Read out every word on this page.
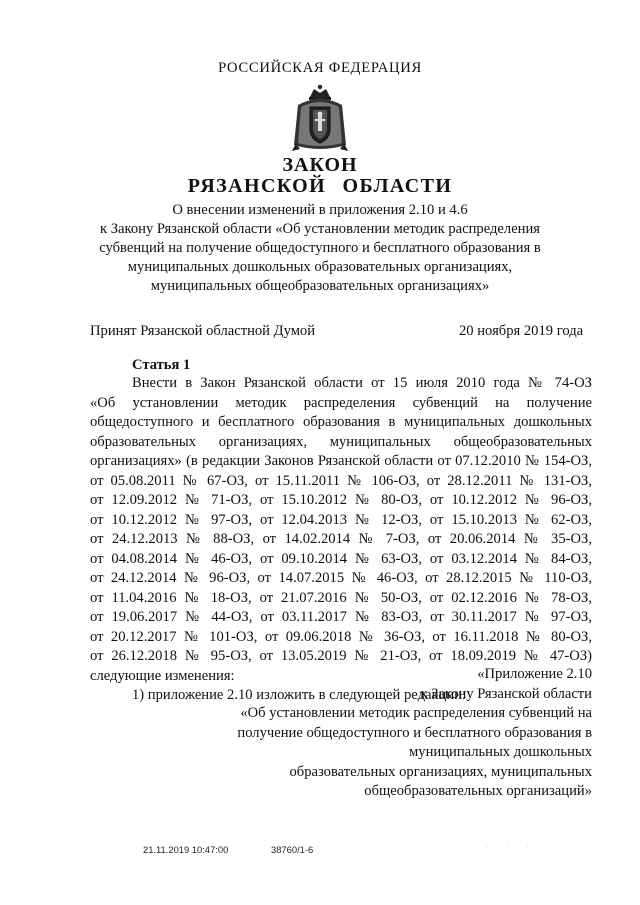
РОССИЙСКАЯ ФЕДЕРАЦИЯ
ЗАКОН
РЯЗАНСКОЙ ОБЛАСТИ
О внесении изменений в приложения 2.10 и 4.6
к Закону Рязанской области «Об установлении методик распределения
субвенций на получение общедоступного и бесплатного образования в
муниципальных дошкольных образовательных организациях,
муниципальных общеобразовательных организациях»
Принят Рязанской областной Думой	20 ноября 2019 года
Статья 1
Внести в Закон Рязанской области от 15 июля 2010 года № 74-ОЗ
«Об установлении методик распределения субвенций на получение
общедоступного и бесплатного образования в муниципальных дошкольных
образовательных организациях, муниципальных общеобразовательных
организациях» (в редакции Законов Рязанской области от 07.12.2010 № 154-ОЗ,
от 05.08.2011 № 67-ОЗ, от 15.11.2011 № 106-ОЗ, от 28.12.2011 № 131-ОЗ,
от 12.09.2012 № 71-ОЗ, от 15.10.2012 № 80-ОЗ, от 10.12.2012 № 96-ОЗ,
от 10.12.2012 № 97-ОЗ, от 12.04.2013 № 12-ОЗ, от 15.10.2013 № 62-ОЗ,
от 24.12.2013 № 88-ОЗ, от 14.02.2014 № 7-ОЗ, от 20.06.2014 № 35-ОЗ,
от 04.08.2014 № 46-ОЗ, от 09.10.2014 № 63-ОЗ, от 03.12.2014 № 84-ОЗ,
от 24.12.2014 № 96-ОЗ, от 14.07.2015 № 46-ОЗ, от 28.12.2015 № 110-ОЗ,
от 11.04.2016 № 18-ОЗ, от 21.07.2016 № 50-ОЗ, от 02.12.2016 № 78-ОЗ,
от 19.06.2017 № 44-ОЗ, от 03.11.2017 № 83-ОЗ, от 30.11.2017 № 97-ОЗ,
от 20.12.2017 № 101-ОЗ, от 09.06.2018 № 36-ОЗ, от 16.11.2018 № 80-ОЗ,
от 26.12.2018 № 95-ОЗ, от 13.05.2019 № 21-ОЗ, от 18.09.2019 № 47-ОЗ)
следующие изменения:
1) приложение 2.10 изложить в следующей редакции:
«Приложение 2.10
к Закону Рязанской области
«Об установлении методик распределения субвенций на
получение общедоступного и бесплатного образования в
муниципальных дошкольных
образовательных организациях, муниципальных
общеобразовательных организаций»
21.11.2019 10:47:00	38760/1-6	· · · · · ·
